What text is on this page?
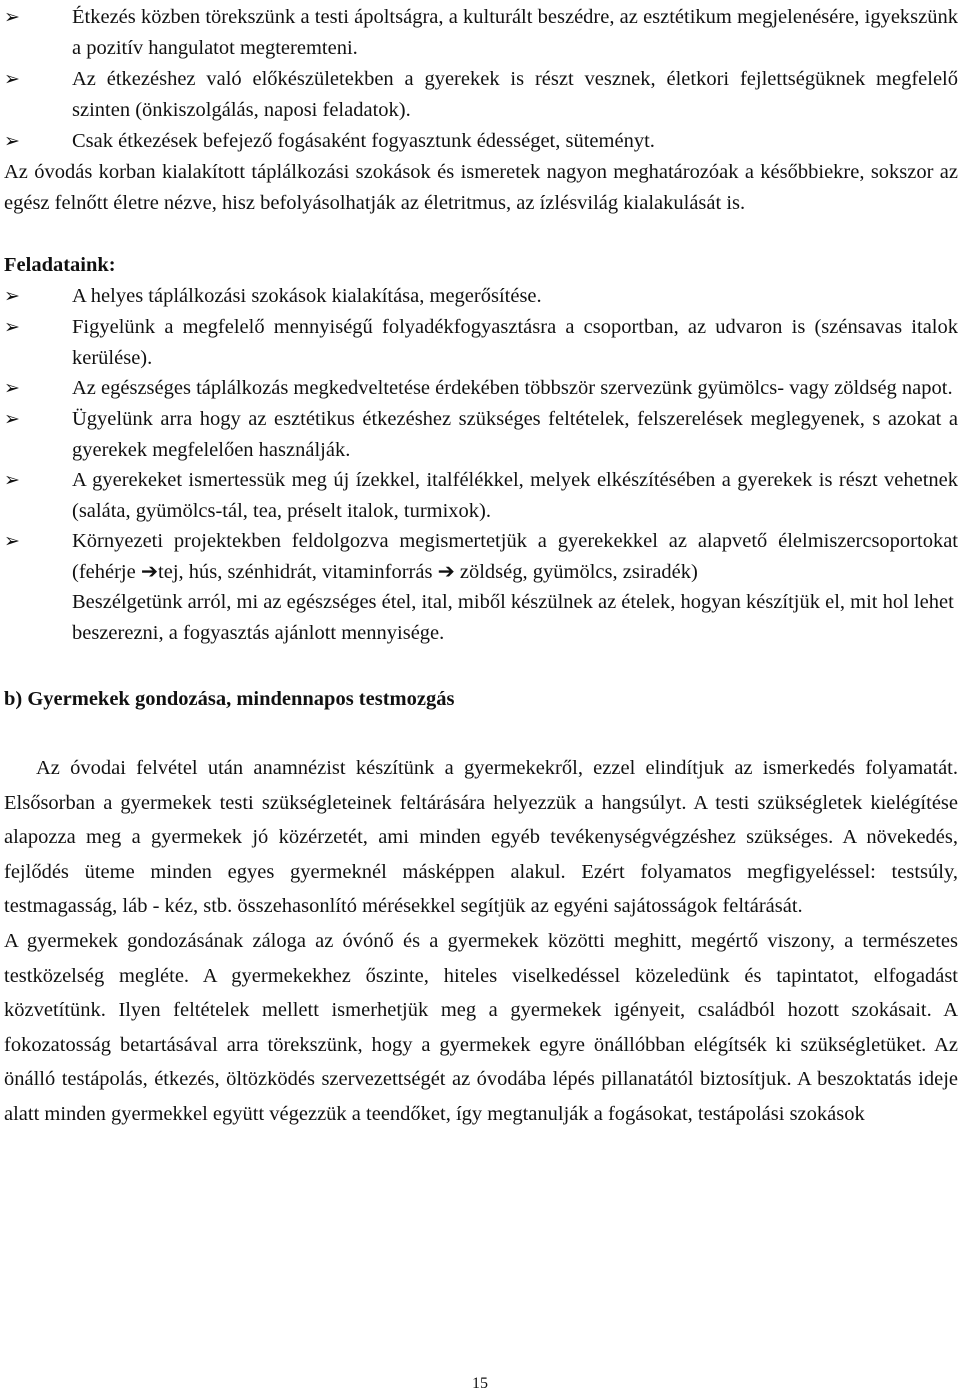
➢	Étkezés közben törekszünk a testi ápoltságra, a kulturált beszédre, az esztétikum megjelenésére, igyekszünk a pozitív hangulatot megteremteni.
➢	Az étkezéshez való előkészületekben a gyerekek is részt vesznek, életkori fejlettségüknek megfelelő szinten (önkiszolgálás, naposi feladatok).
➢	Csak étkezések befejező fogásaként fogyasztunk édességet, süteményt.
Az óvodás korban kialakított táplálkozási szokások és ismeretek nagyon meghatározóak a későbbiekre, sokszor az egész felnőtt életre nézve, hisz befolyásolhatják az életritmus, az ízlésvilág kialakulását is.
Feladataink:
➢	A helyes táplálkozási szokások kialakítása, megerősítése.
➢	Figyelünk a megfelelő mennyiségű folyadékfogyasztásra a csoportban, az udvaron is (szénsavas italok kerülése).
➢	Az egészséges táplálkozás megkedveltetése érdekében többször szervezünk gyümölcs- vagy zöldség napot.
➢	Ügyelünk arra hogy az esztétikus étkezéshez szükséges feltételek, felszerelések meglegyenek, s azokat a gyerekek megfelelően használják.
➢	A gyerekeket ismertessük meg új ízekkel, italfélékkel, melyek elkészítésében a gyerekek is részt vehetnek (saláta, gyümölcs-tál, tea, préselt italok, turmixok).
➢	Környezeti projektekben feldolgozva megismertetjük a gyerekekkel az alapvető élelmiszercsoportokat (fehérje ➔tej, hús, szénhidrát, vitaminforrás ➔ zöldség, gyümölcs, zsiradék)
Beszélgetünk arról, mi az egészséges étel, ital, miből készülnek az ételek, hogyan készítjük el, mit hol lehet beszerezni, a fogyasztás ajánlott mennyisége.
b) Gyermekek gondozása, mindennapos testmozgás

Az óvodai felvétel után anamnézist készítünk a gyermekekről, ezzel elindítjuk az ismerkedés folyamatát. Elsősorban a gyermekek testi szükségleteinek feltárására helyezzük a hangsúlyt. A testi szükségletek kielégítése alapozza meg a gyermekek jó közérzetét, ami minden egyéb tevékenységvégzéshez szükséges. A növekedés, fejlődés üteme minden egyes gyermeknél másképpen alakul. Ezért folyamatos megfigyeléssel: testsúly, testmagasság, láb - kéz, stb. összehasonlító mérésekkel segítjük az egyéni sajátosságok feltárását.

A gyermekek gondozásának záloga az óvónő és a gyermekek közötti meghitt, megértő viszony, a természetes testközelség megléte. A gyermekekhez őszinte, hiteles viselkedéssel közeledünk és tapintatot, elfogadást közvetítünk. Ilyen feltételek mellett ismerhetjük meg a gyermekek igényeit, családból hozott szokásait. A fokozatosság betartásával arra törekszünk, hogy a gyermekek egyre önállóbban elégítsék ki szükségletüket. Az önálló testápolás, étkezés, öltözködés szervezettségét az óvodába lépés pillanatától biztosítjuk. A beszoktatás ideje alatt minden gyermekkel együtt végezzük a teendőket, így megtanulják a fogásokat, testápolási szokások

15
